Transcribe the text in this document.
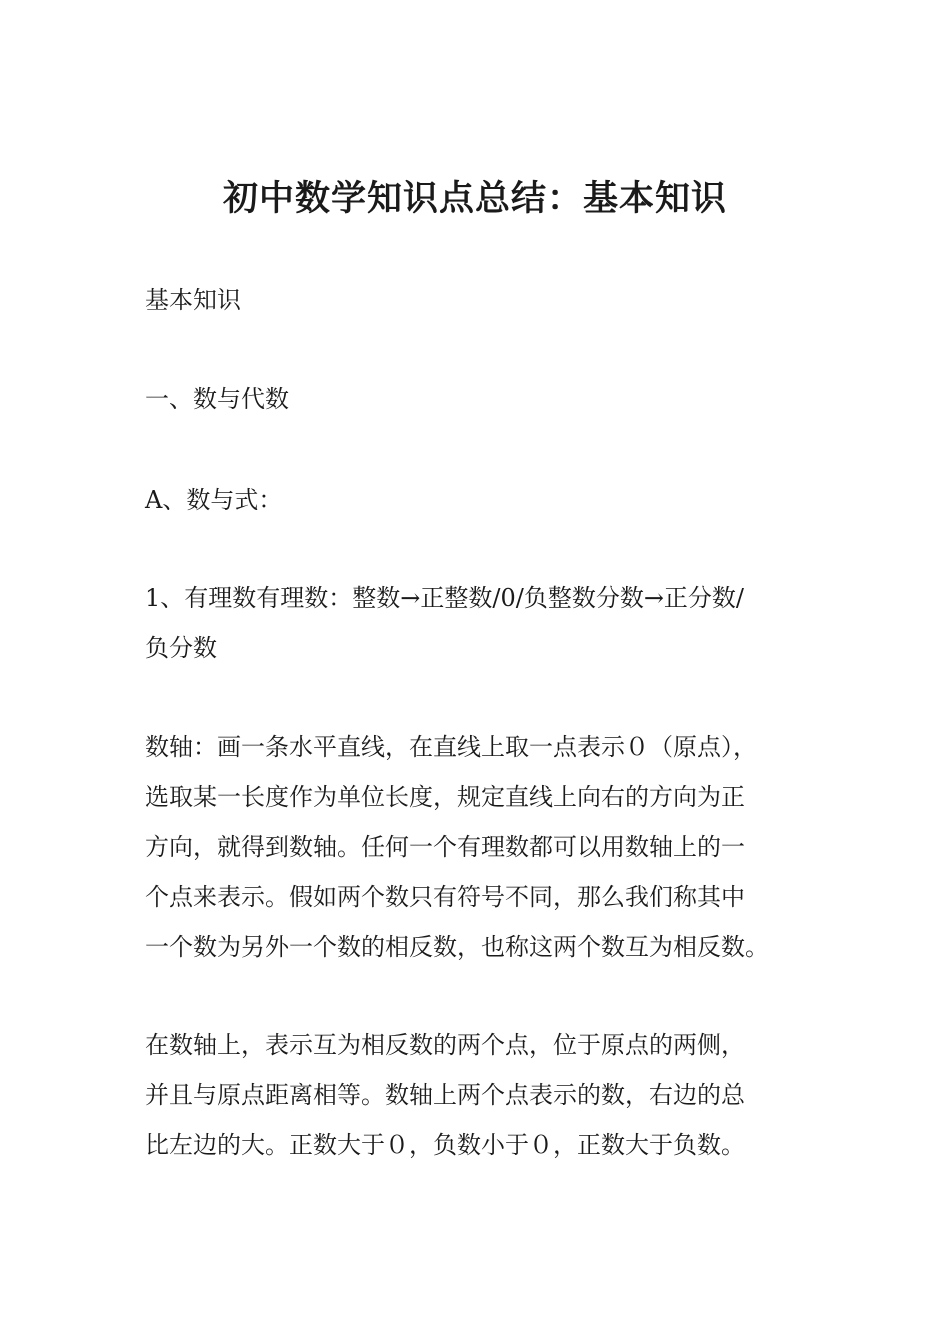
初中数学知识点总结：基本知识
基本知识
一、数与代数
A、数与式：
1、有理数有理数：整数→正整数/0/负整数分数→正分数/
负分数
数轴：画一条水平直线，在直线上取一点表示０（原点），
选取某一长度作为单位长度，规定直线上向右的方向为正
方向，就得到数轴。任何一个有理数都可以用数轴上的一
个点来表示。假如两个数只有符号不同，那么我们称其中
一个数为另外一个数的相反数，也称这两个数互为相反数。
在数轴上，表示互为相反数的两个点，位于原点的两侧，
并且与原点距离相等。数轴上两个点表示的数，右边的总
比左边的大。正数大于０，负数小于０，正数大于负数。
